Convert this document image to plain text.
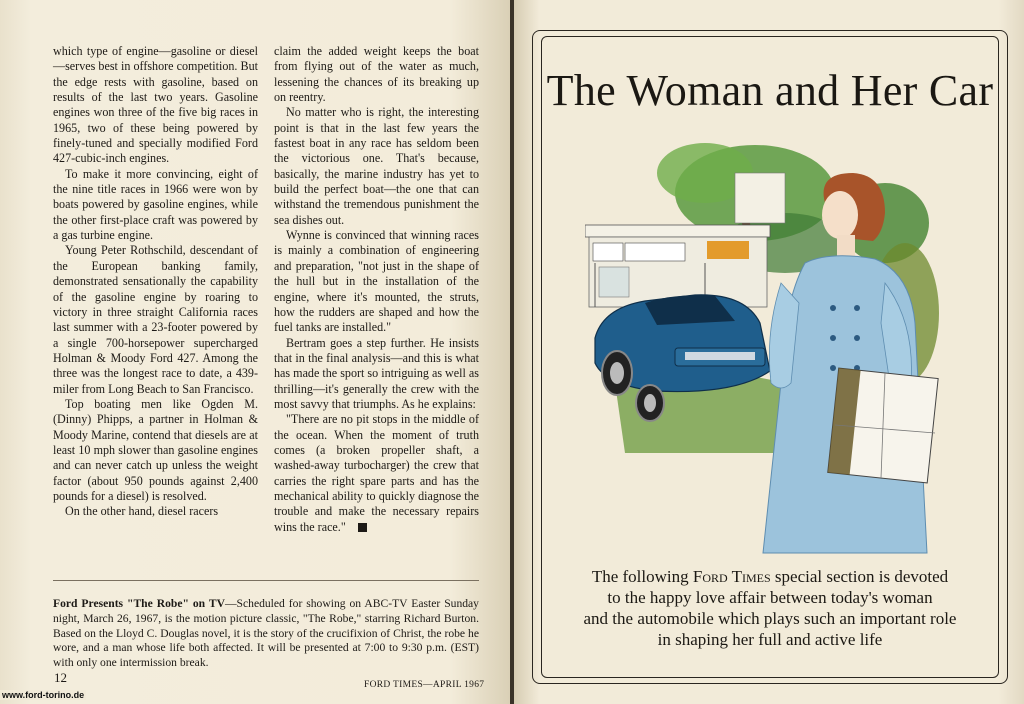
which type of engine—gasoline or diesel—serves best in offshore competition. But the edge rests with gasoline, based on results of the last two years. Gasoline engines won three of the five big races in 1965, two of these being powered by finely-tuned and specially modified Ford 427-cubic-inch engines.

To make it more convincing, eight of the nine title races in 1966 were won by boats powered by gasoline engines, while the other first-place craft was powered by a gas turbine engine.

Young Peter Rothschild, descendant of the European banking family, demonstrated sensationally the capability of the gasoline engine by roaring to victory in three straight California races last summer with a 23-footer powered by a single 700-horsepower supercharged Holman & Moody Ford 427. Among the three was the longest race to date, a 439-miler from Long Beach to San Francisco.

Top boating men like Ogden M. (Dinny) Phipps, a partner in Holman & Moody Marine, contend that diesels are at least 10 mph slower than gasoline engines and can never catch up unless the weight factor (about 950 pounds against 2,400 pounds for a diesel) is resolved.

On the other hand, diesel racers

claim the added weight keeps the boat from flying out of the water as much, lessening the chances of its breaking up on reentry.

No matter who is right, the interesting point is that in the last few years the fastest boat in any race has seldom been the victorious one. That's because, basically, the marine industry has yet to build the perfect boat—the one that can withstand the tremendous punishment the sea dishes out.

Wynne is convinced that winning races is mainly a combination of engineering and preparation, "not just in the shape of the hull but in the installation of the engine, where it's mounted, the struts, how the rudders are shaped and how the fuel tanks are installed."

Bertram goes a step further. He insists that in the final analysis—and this is what has made the sport so intriguing as well as thrilling—it's generally the crew with the most savvy that triumphs. As he explains:

"There are no pit stops in the middle of the ocean. When the moment of truth comes (a broken propeller shaft, a washed-away turbocharger) the crew that carries the right spare parts and has the mechanical ability to quickly diagnose the trouble and make the necessary repairs wins the race."

Ford Presents "The Robe" on TV—Scheduled for showing on ABC-TV Easter Sunday night, March 26, 1967, is the motion picture classic, "The Robe," starring Richard Burton. Based on the Lloyd C. Douglas novel, it is the story of the crucifixion of Christ, the robe he wore, and a man whose life both affected. It will be presented at 7:00 to 9:30 p.m. (EST) with only one intermission break.
12	FORD TIMES—APRIL 1967
The Woman and Her Car
The following Ford Times special section is devoted
to the happy love affair between today's woman
and the automobile which plays such an important role
in shaping her full and active life
www.ford-torino.de
